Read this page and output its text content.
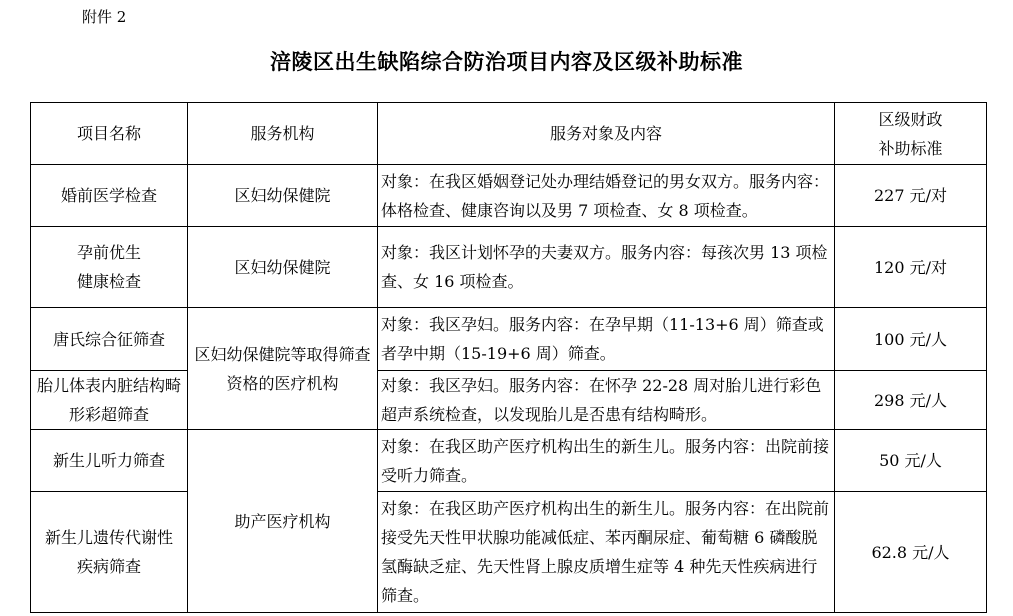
附件 2
涪陵区出生缺陷综合防治项目内容及区级补助标准
项目名称	服务机构	服务对象及内容	区级财政
补助标准

婚前医学检查	区妇幼保健院	对象：在我区婚姻登记处办理结婚登记的男女双方。服务内容：体格检查、健康咨询以及男 7 项检查、女 8 项检查。	227 元/对

孕前优生
健康检查	区妇幼保健院	对象：我区计划怀孕的夫妻双方。服务内容：每孩次男 13 项检查、女 16 项检查。	120 元/对
唐氏综合征筛查	区妇幼保健院等取得筛查资格的医疗机构	对象：我区孕妇。服务内容：在孕早期（11-13+6 周）筛查或者孕中期（15-19+6 周）筛查。	100 元/人
胎儿体表内脏结构畸形彩超筛查		对象：我区孕妇。服务内容：在怀孕 22-28 周对胎儿进行彩色超声系统检查，以发现胎儿是否患有结构畸形。	298 元/人
新生儿听力筛查	助产医疗机构	对象：在我区助产医疗机构出生的新生儿。服务内容：出院前接受听力筛查。	50 元/人
新生儿遗传代谢性疾病筛查		对象：在我区助产医疗机构出生的新生儿。服务内容：在出院前接受先天性甲状腺功能减低症、苯丙酮尿症、葡萄糖 6 磷酸脱氢酶缺乏症、先天性肾上腺皮质增生症等 4 种先天性疾病进行筛查。	62.8 元/人
